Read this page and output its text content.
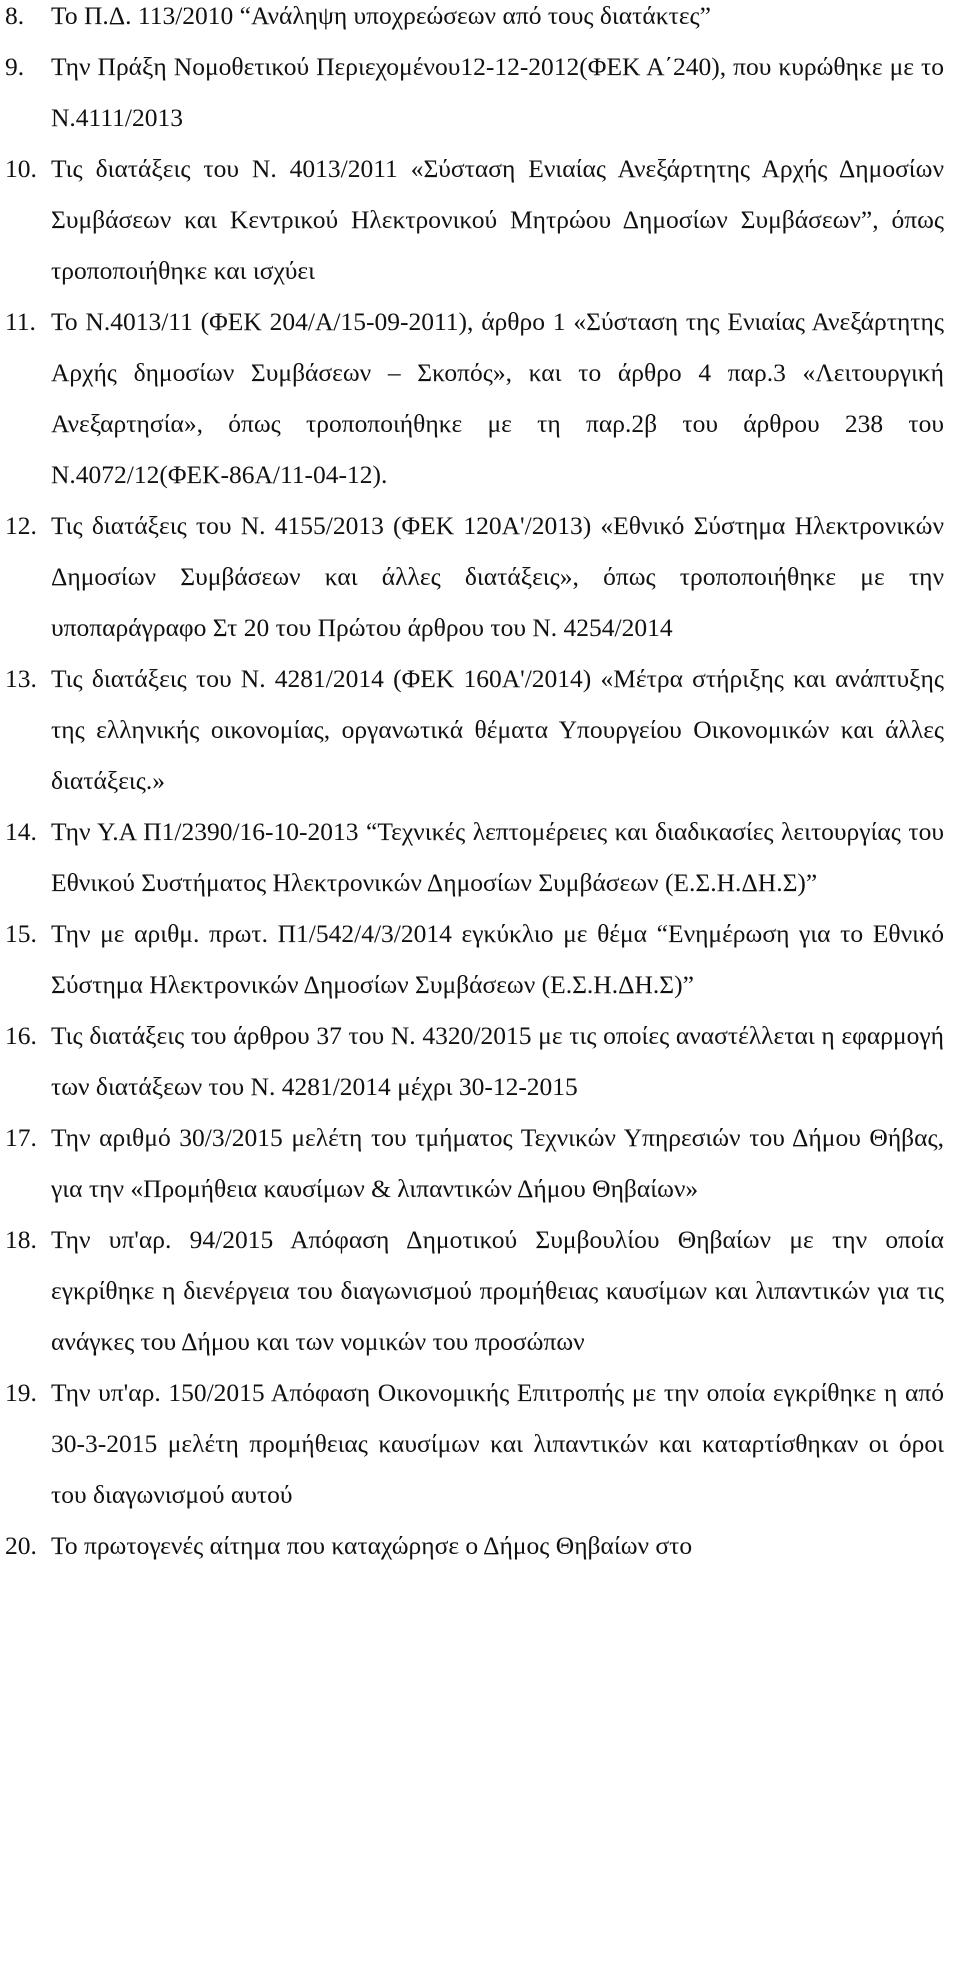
8. Το Π.Δ. 113/2010 “Ανάληψη υποχρεώσεων από τους διατάκτες”
9. Την Πράξη Νομοθετικού Περιεχομένου12-12-2012(ΦΕΚ Α΄240), που κυρώθηκε με το Ν.4111/2013
10. Τις διατάξεις του Ν. 4013/2011 «Σύσταση Ενιαίας Ανεξάρτητης Αρχής Δημοσίων Συμβάσεων και Κεντρικού Ηλεκτρονικού Μητρώου Δημοσίων Συμβάσεων”, όπως τροποποιήθηκε και ισχύει
11. Το Ν.4013/11 (ΦΕΚ 204/Α/15-09-2011), άρθρο 1 «Σύσταση της Ενιαίας Ανεξάρτητης Αρχής δημοσίων Συμβάσεων – Σκοπός», και το άρθρο 4 παρ.3 «Λειτουργική Ανεξαρτησία», όπως τροποποιήθηκε με τη παρ.2β του άρθρου 238 του Ν.4072/12(ΦΕΚ-86Α/11-04-12).
12. Τις διατάξεις του Ν. 4155/2013 (ΦΕΚ 120Α'/2013) «Εθνικό Σύστημα Ηλεκτρονικών Δημοσίων Συμβάσεων και άλλες διατάξεις», όπως τροποποιήθηκε με την υποπαράγραφο Στ 20 του Πρώτου άρθρου του Ν. 4254/2014
13. Τις διατάξεις του Ν. 4281/2014 (ΦΕΚ 160Α'/2014) «Μέτρα στήριξης και ανάπτυξης της ελληνικής οικονομίας, οργανωτικά θέματα Υπουργείου Οικονομικών και άλλες διατάξεις.»
14. Την Υ.Α Π1/2390/16-10-2013 “Τεχνικές λεπτομέρειες και διαδικασίες λειτουργίας του Εθνικού Συστήματος Ηλεκτρονικών Δημοσίων Συμβάσεων (Ε.Σ.Η.ΔΗ.Σ)”
15. Την με αριθμ. πρωτ. Π1/542/4/3/2014 εγκύκλιο με θέμα “Ενημέρωση για το Εθνικό Σύστημα Ηλεκτρονικών Δημοσίων Συμβάσεων (Ε.Σ.Η.ΔΗ.Σ)”
16. Τις διατάξεις του άρθρου 37 του Ν. 4320/2015 με τις οποίες αναστέλλεται η εφαρμογή των διατάξεων του Ν. 4281/2014 μέχρι 30-12-2015
17. Την αριθμό 30/3/2015 μελέτη του τμήματος Τεχνικών Υπηρεσιών του Δήμου Θήβας, για την «Προμήθεια καυσίμων & λιπαντικών Δήμου Θηβαίων»
18. Την υπ'αρ. 94/2015 Απόφαση Δημοτικού Συμβουλίου Θηβαίων με την οποία εγκρίθηκε η διενέργεια του διαγωνισμού προμήθειας καυσίμων και λιπαντικών για τις ανάγκες του Δήμου και των νομικών του προσώπων
19. Την υπ'αρ. 150/2015 Απόφαση Οικονομικής Επιτροπής με την οποία εγκρίθηκε η από 30-3-2015 μελέτη προμήθειας καυσίμων και λιπαντικών και καταρτίσθηκαν οι όροι του διαγωνισμού αυτού
20. Το πρωτογενές αίτημα που καταχώρησε ο Δήμος Θηβαίων στο
